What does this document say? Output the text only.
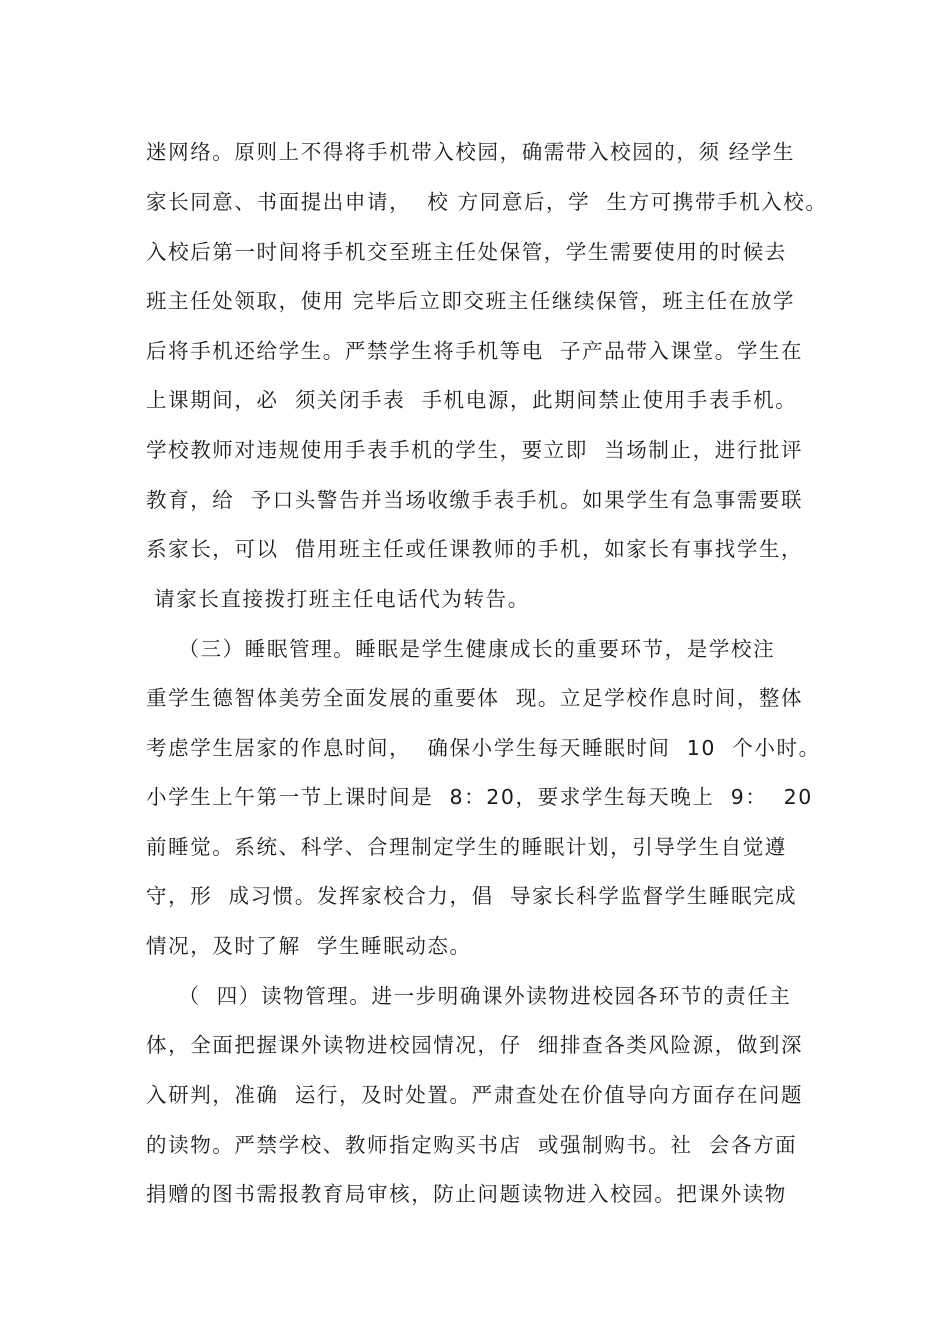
迷网络。原则上不得将手机带入校园，确需带入校园的，须 经学生
家长同意、书面提出申请，  校 方同意后，学  生方可携带手机入校。
入校后第一时间将手机交至班主任处保管，学生需要使用的时候去
班主任处领取，使用 完毕后立即交班主任继续保管，班主任在放学
后将手机还给学生。严禁学生将手机等电  子产品带入课堂。学生在
上课期间，必  须关闭手表  手机电源，此期间禁止使用手表手机。
学校教师对违规使用手表手机的学生，要立即  当场制止，进行批评
教育，给  予口头警告并当场收缴手表手机。如果学生有急事需要联
系家长，可以  借用班主任或任课教师的手机，如家长有事找学生，
请家长直接拨打班主任电话代为转告。
（三）睡眠管理。睡眠是学生健康成长的重要环节，是学校注
重学生德智体美劳全面发展的重要体  现。立足学校作息时间，整体
考虑学生居家的作息时间，  确保小学生每天睡眠时间  10  个小时。
小学生上午第一节上课时间是  8：20，要求学生每天晚上  9：  20
前睡觉。系统、科学、合理制定学生的睡眠计划，引导学生自觉遵
守，形  成习惯。发挥家校合力，倡  导家长科学监督学生睡眠完成
情况，及时了解  学生睡眠动态。
（  四）读物管理。进一步明确课外读物进校园各环节的责任主
体，全面把握课外读物进校园情况，仔  细排查各类风险源，做到深
入研判，准确  运行，及时处置。严肃查处在价值导向方面存在问题
的读物。严禁学校、教师指定购买书店  或强制购书。社  会各方面
捐赠的图书需报教育局审核，防止问题读物进入校园。把课外读物
